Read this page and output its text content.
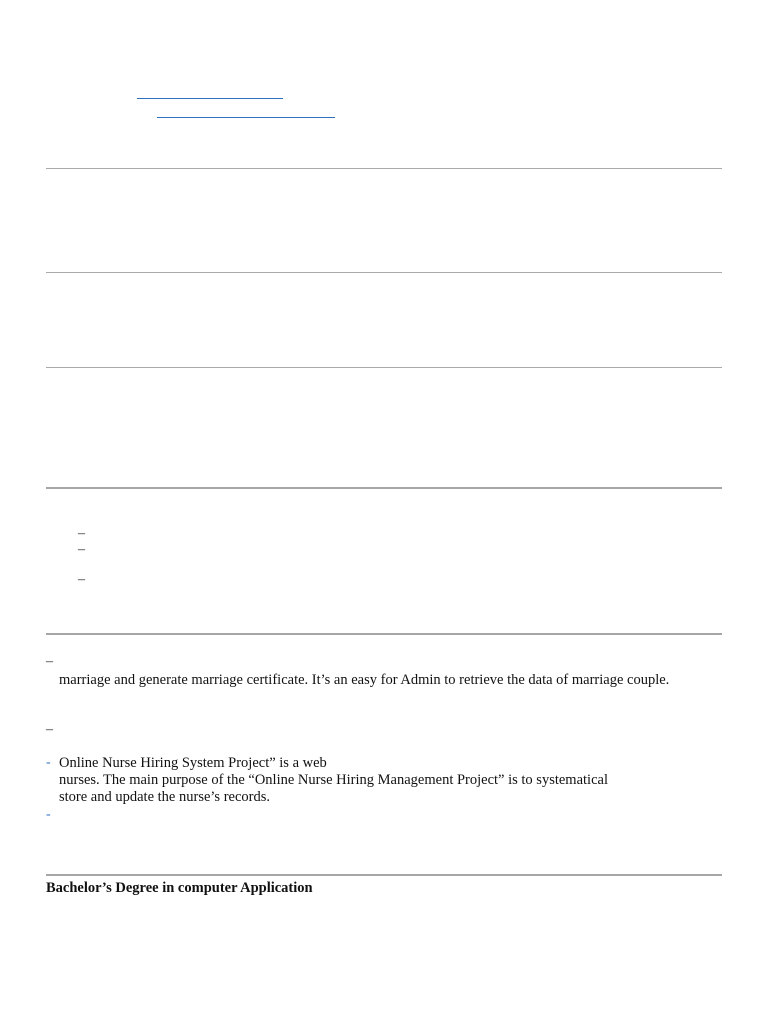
–
–
–
–
marriage and generate marriage certificate. It’s an easy for Admin to retrieve the data of marriage couple.
–
- Online Nurse Hiring System Project” is a web
nurses. The main purpose of the “Online Nurse Hiring Management Project” is to systematical
store and update the nurse’s records.
-
Bachelor’s Degree in computer Application
